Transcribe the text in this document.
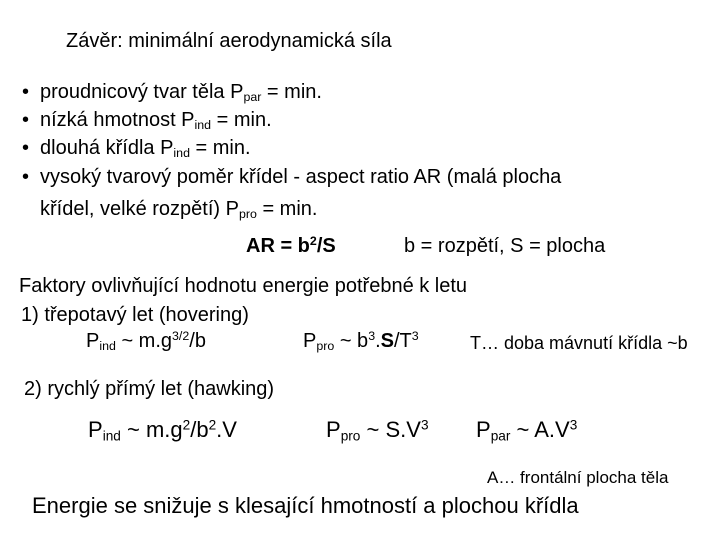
Závěr: minimální aerodynamická síla
• proudnicový tvar těla $P_{par} = \min$.
• nízká hmotnost $P_{ind} = \min$.
• dlouhá křídla $P_{ind} = \min$.
• vysoký tvarový poměr křídel - aspect ratio AR (malá plocha
křídel, velké rozpětí) $P_{pro} = \min$.
AR = $b^2/S$	b = rozpětí, S = plocha
Faktory ovlivňující hodnotu energie potřebné k letu
1) třepotavý let (hovering)
$P_{ind}$ ~ $m.g^{3/2}/b$	$P_{pro}$ ~ $b^3.S/T^3$	T… doba mávnutí křídla ~b
2) rychlý přímý let (hawking)
$P_{ind}$ ~ $m.g^2/b^2.V$	$P_{pro}$ ~ $S.V^3$ $P_{par}$ ~ $A.V^3$
A… frontální plocha těla
Energie se snižuje s klesající hmotností a plochou křídla
